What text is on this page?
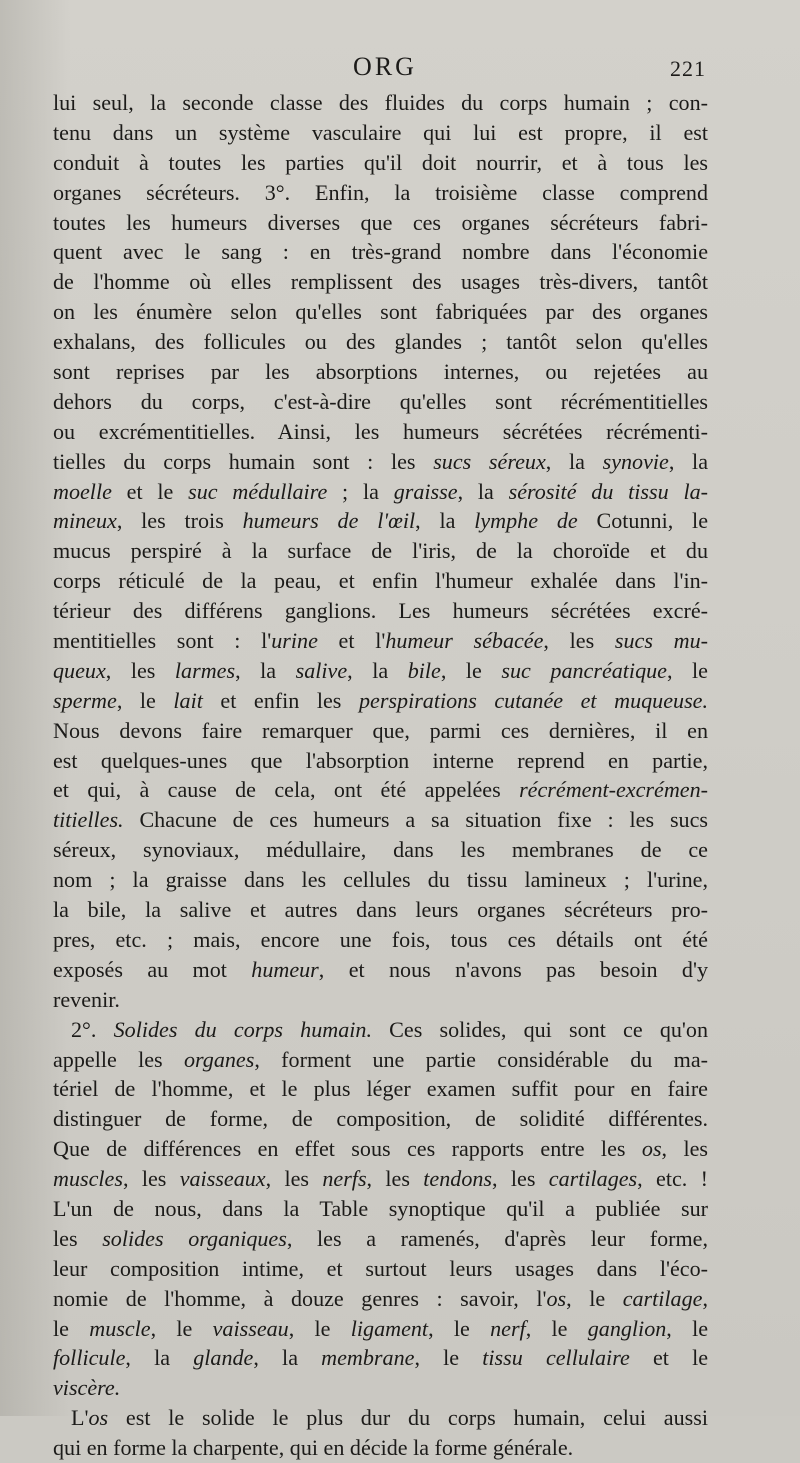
ORG	221
lui seul, la seconde classe des fluides du corps humain ; con-
tenu dans un système vasculaire qui lui est propre, il est
conduit à toutes les parties qu'il doit nourrir, et à tous les
organes sécréteurs. 3°. Enfin, la troisième classe comprend
toutes les humeurs diverses que ces organes sécréteurs fabri-
quent avec le sang : en très-grand nombre dans l'économie
de l'homme où elles remplissent des usages très-divers, tantôt
on les énumère selon qu'elles sont fabriquées par des organes
exhalans, des follicules ou des glandes ; tantôt selon qu'elles
sont reprises par les absorptions internes, ou rejetées au
dehors du corps, c'est-à-dire qu'elles sont récrémentitielles
ou excrémentitielles. Ainsi, les humeurs sécrétées récrémenti-
tielles du corps humain sont : les sucs séreux, la synovie, la
moelle et le suc médullaire ; la graisse, la sérosité du tissu la-
mineux, les trois humeurs de l'œil, la lymphe de Cotunni, le
mucus perspiré à la surface de l'iris, de la choroïde et du
corps réticulé de la peau, et enfin l'humeur exhalée dans l'in-
térieur des différens ganglions. Les humeurs sécrétées excré-
mentitielles sont : l'urine et l'humeur sébacée, les sucs mu-
queux, les larmes, la salive, la bile, le suc pancréatique, le
sperme, le lait et enfin les perspirations cutanée et muqueuse.
Nous devons faire remarquer que, parmi ces dernières, il en
est quelques-unes que l'absorption interne reprend en partie,
et qui, à cause de cela, ont été appelées récrément-excrémen-
titielles. Chacune de ces humeurs a sa situation fixe : les sucs
séreux, synoviaux, médullaire, dans les membranes de ce
nom ; la graisse dans les cellules du tissu lamineux ; l'urine,
la bile, la salive et autres dans leurs organes sécréteurs pro-
pres, etc. ; mais, encore une fois, tous ces détails ont été
exposés au mot humeur, et nous n'avons pas besoin d'y
revenir.
2°. Solides du corps humain. Ces solides, qui sont ce qu'on
appelle les organes, forment une partie considérable du ma-
tériel de l'homme, et le plus léger examen suffit pour en faire
distinguer de forme, de composition, de solidité différentes.
Que de différences en effet sous ces rapports entre les os, les
muscles, les vaisseaux, les nerfs, les tendons, les cartilages, etc. !
L'un de nous, dans la Table synoptique qu'il a publiée sur
les solides organiques, les a ramenés, d'après leur forme,
leur composition intime, et surtout leurs usages dans l'éco-
nomie de l'homme, à douze genres : savoir, l'os, le cartilage,
le muscle, le vaisseau, le ligament, le nerf, le ganglion, le
follicule, la glande, la membrane, le tissu cellulaire et le
viscère.
L'os est le solide le plus dur du corps humain, celui aussi
qui en forme la charpente, qui en décide la forme générale.
